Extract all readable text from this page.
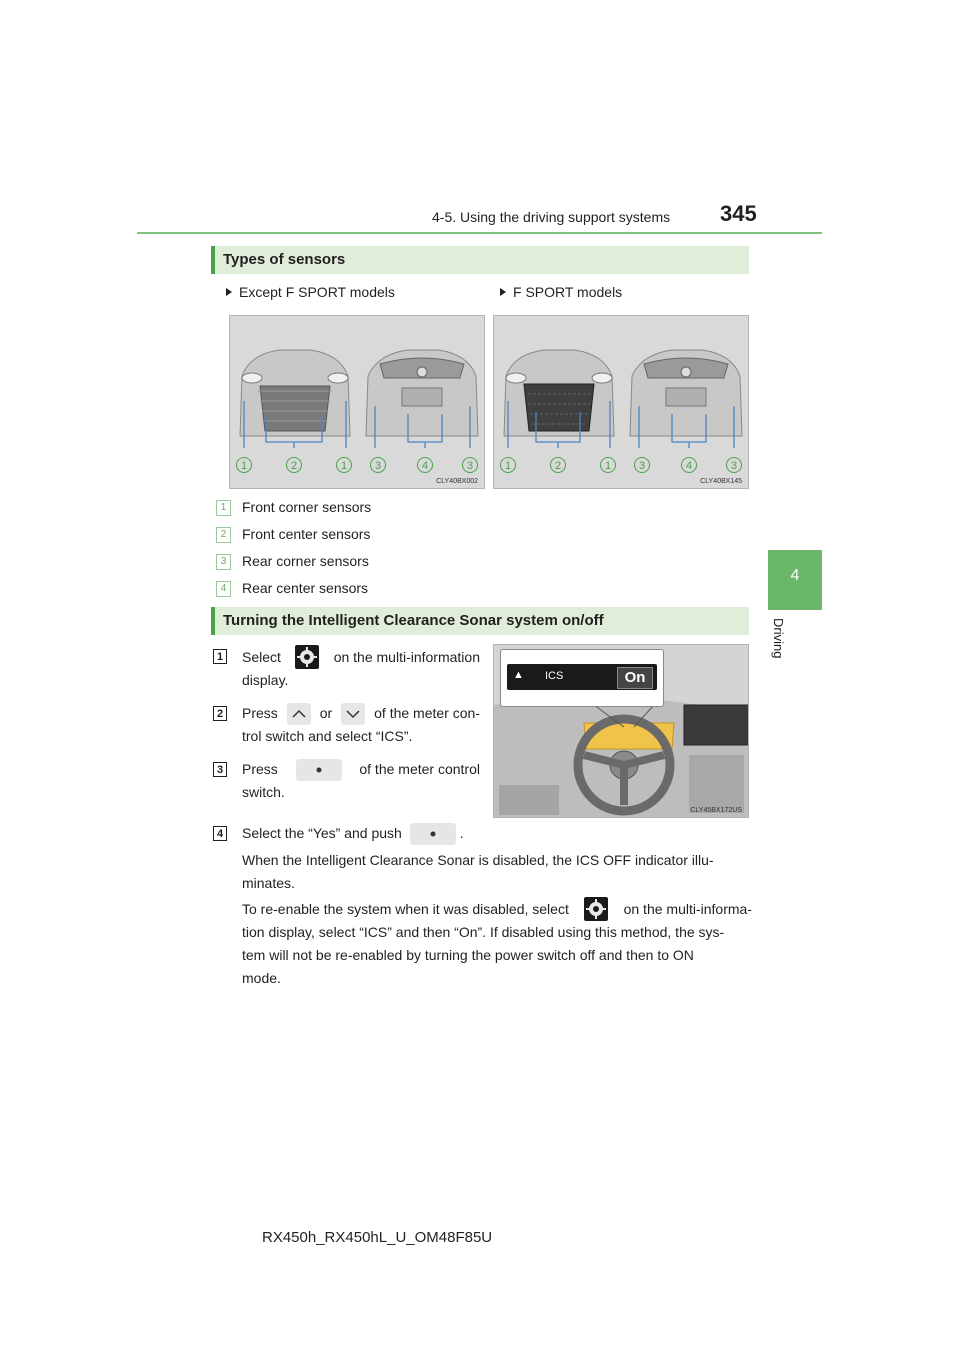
4-5. Using the driving support systems 345
4
Driving
Types of sensors
Except F SPORT models	F SPORT models
1	2	1	3	4	3
CLY40BX002
1	2	1	3	4	3
CLY40BX145
1	Front corner sensors
2	Front center sensors
3	Rear corner sensors
4	Rear center sensors
Turning the Intelligent Clearance Sonar system on/off
▲ ICS	On
CLY45BX172US
1 Select	on the multi-information
display.
2 Press	or	of the meter con-
trol switch and select “ICS”.
3 Press	of the meter control
switch.
4 Select the “Yes” and push	.
When the Intelligent Clearance Sonar is disabled, the ICS OFF indicator illu-
minates.
To re-enable the system when it was disabled, select	on the multi-informa-
tion display, select “ICS” and then “On”. If disabled using this method, the sys-
tem will not be re-enabled by turning the power switch off and then to ON
mode.
RX450h_RX450hL_U_OM48F85U
